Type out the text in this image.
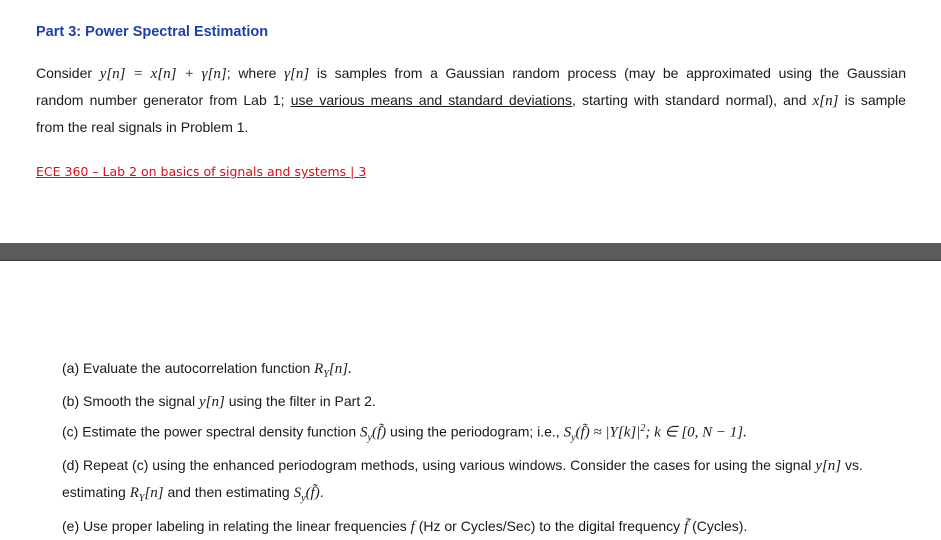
Part 3: Power Spectral Estimation
Consider y[n] = x[n] + γ[n]; where γ[n] is samples from a Gaussian random process (may be approximated using the Gaussian
random number generator from Lab 1; use various means and standard deviations, starting with standard normal), and x[n] is sample
from the real signals in Problem 1.
ECE 360 – Lab 2 on basics of signals and systems | 3
(a) Evaluate the autocorrelation function $R_Y[n]$.
(b) Smooth the signal y[n] using the filter in Part 2.
(c) Estimate the power spectral density function $S_y(f̃)$ using the periodogram; i.e., $S_y(f̃) \approx |Y[k]|^2$; k ∈ [0, N − 1].
(d) Repeat (c) using the enhanced periodogram methods, using various windows. Consider the cases for using the signal y[n] vs.
estimating $R_Y[n]$ and then estimating $S_y(f̃)$.
(e) Use proper labeling in relating the linear frequencies f (Hz or Cycles/Sec) to the digital frequency f̃ (Cycles).
